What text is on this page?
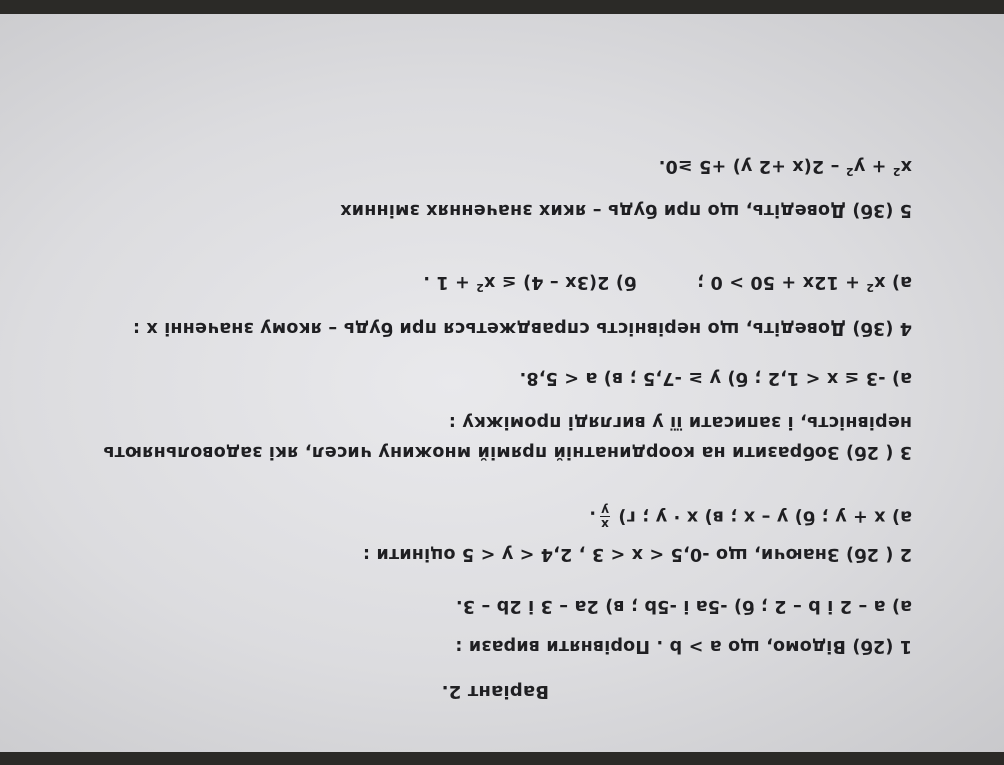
Варіант 2.
1 (2б) Відомо, що a > b . Порівняти вирази :
а) a – 2 і b – 2 ; б) -5a і -5b ; в) 2a – 3 і 2b – 3.
2 ( 2б) Знаючи, що -0,5 < x < 3 , 2,4 < y < 5 оцінити :
а) x + y ; б) y – x ; в) x · y ; г)
x
y
.
3 ( 2б) Зобразити на координатній прямій множину чисел, які задовольняють
нерівність, і записати її у вигляді проміжку :
а) -3 ≤ x < 1,2 ; б) y ≥ -7,5 ; в) a < 5,8.
4 (3б) Доведіть, що нерівність справджеться при будь – якому значенні x :
а) $x^2 + 12x + 50 > 0$ ;  б) $2(3x - 4) \le x^2 + 1$ .
5 (3б) Доведіть, що при будь – яких значеннях змінних
$x^2 + y^2 - 2(x +2$ y) +5 ≥0.
